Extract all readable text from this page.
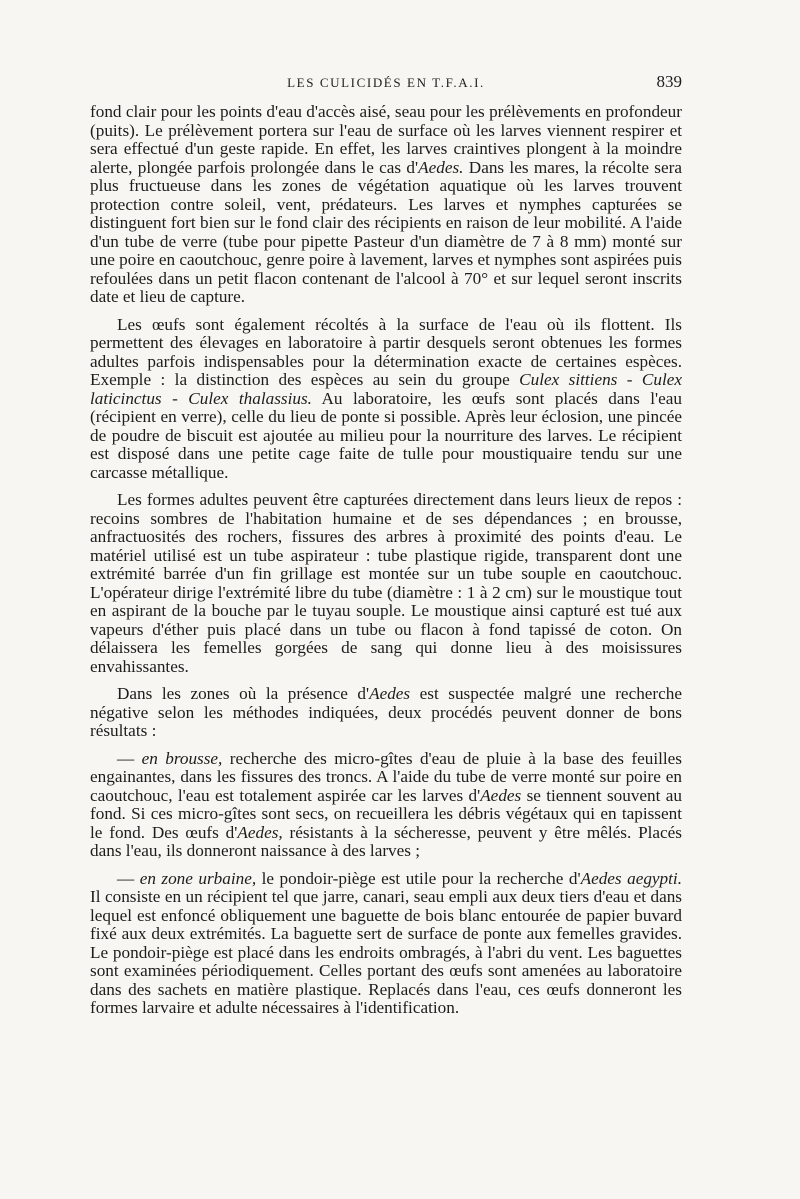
LES CULICIDÉS EN T.F.A.I.	839

fond clair pour les points d'eau d'accès aisé, seau pour les prélèvements en profondeur (puits). Le prélèvement portera sur l'eau de surface où les larves viennent respirer et sera effectué d'un geste rapide. En effet, les larves craintives plongent à la moindre alerte, plongée parfois prolongée dans le cas d'Aedes. Dans les mares, la récolte sera plus fructueuse dans les zones de végétation aquatique où les larves trouvent protection contre soleil, vent, prédateurs. Les larves et nymphes capturées se distinguent fort bien sur le fond clair des récipients en raison de leur mobilité. A l'aide d'un tube de verre (tube pour pipette Pasteur d'un diamètre de 7 à 8 mm) monté sur une poire en caoutchouc, genre poire à lavement, larves et nymphes sont aspirées puis refoulées dans un petit flacon contenant de l'alcool à 70° et sur lequel seront inscrits date et lieu de capture.

Les œufs sont également récoltés à la surface de l'eau où ils flottent. Ils permettent des élevages en laboratoire à partir desquels seront obtenues les formes adultes parfois indispensables pour la détermination exacte de certaines espèces. Exemple : la distinction des espèces au sein du groupe Culex sittiens - Culex laticinctus - Culex thalassius. Au laboratoire, les œufs sont placés dans l'eau (récipient en verre), celle du lieu de ponte si possible. Après leur éclosion, une pincée de poudre de biscuit est ajoutée au milieu pour la nourriture des larves. Le récipient est disposé dans une petite cage faite de tulle pour moustiquaire tendu sur une carcasse métallique.

Les formes adultes peuvent être capturées directement dans leurs lieux de repos : recoins sombres de l'habitation humaine et de ses dépendances ; en brousse, anfractuosités des rochers, fissures des arbres à proximité des points d'eau. Le matériel utilisé est un tube aspirateur : tube plastique rigide, transparent dont une extrémité barrée d'un fin grillage est montée sur un tube souple en caoutchouc. L'opérateur dirige l'extrémité libre du tube (diamètre : 1 à 2 cm) sur le moustique tout en aspirant de la bouche par le tuyau souple. Le moustique ainsi capturé est tué aux vapeurs d'éther puis placé dans un tube ou flacon à fond tapissé de coton. On délaissera les femelles gorgées de sang qui donne lieu à des moisissures envahissantes.

Dans les zones où la présence d'Aedes est suspectée malgré une recherche négative selon les méthodes indiquées, deux procédés peuvent donner de bons résultats :

— en brousse, recherche des micro-gîtes d'eau de pluie à la base des feuilles engainantes, dans les fissures des troncs. A l'aide du tube de verre monté sur poire en caoutchouc, l'eau est totalement aspirée car les larves d'Aedes se tiennent souvent au fond. Si ces micro-gîtes sont secs, on recueillera les débris végétaux qui en tapissent le fond. Des œufs d'Aedes, résistants à la sécheresse, peuvent y être mêlés. Placés dans l'eau, ils donneront naissance à des larves ;

— en zone urbaine, le pondoir-piège est utile pour la recherche d'Aedes aegypti. Il consiste en un récipient tel que jarre, canari, seau empli aux deux tiers d'eau et dans lequel est enfoncé obliquement une baguette de bois blanc entourée de papier buvard fixé aux deux extrémités. La baguette sert de surface de ponte aux femelles gravides. Le pondoir-piège est placé dans les endroits ombragés, à l'abri du vent. Les baguettes sont examinées périodiquement. Celles portant des œufs sont amenées au laboratoire dans des sachets en matière plastique. Replacés dans l'eau, ces œufs donneront les formes larvaire et adulte nécessaires à l'identification.
